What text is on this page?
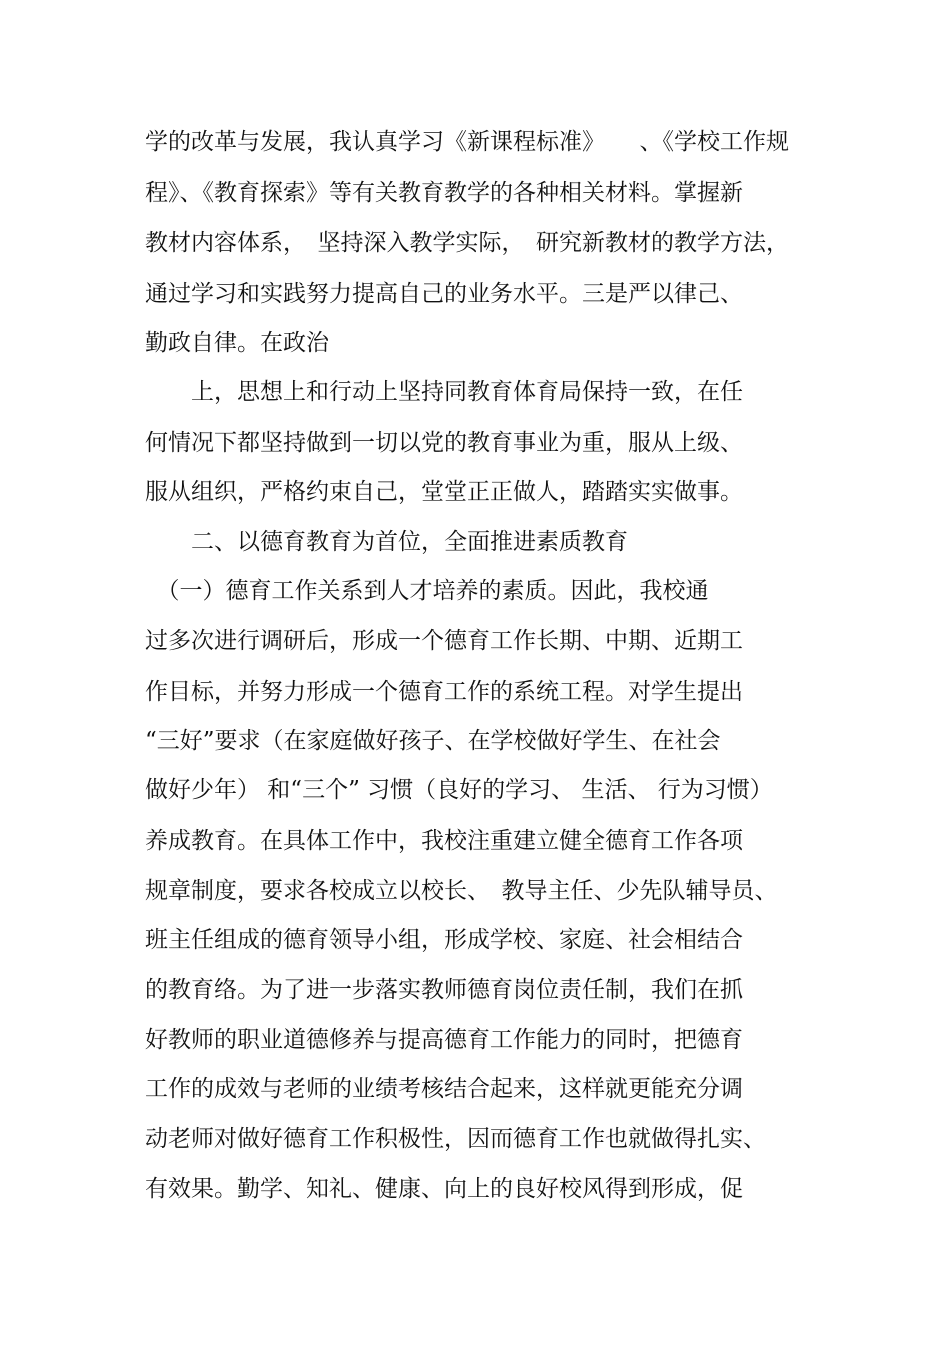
学的改革与发展，我认真学习《新课程标准》　　、《学校工作规
程》、《教育探索》等有关教育教学的各种相关材料。掌握新
教材内容体系，　坚持深入教学实际，　研究新教材的教学方法，
通过学习和实践努力提高自己的业务水平。三是严以律己、
勤政自律。在政治
　　上，思想上和行动上坚持同教育体育局保持一致，在任
何情况下都坚持做到一切以党的教育事业为重，服从上级、
服从组织，严格约束自己，堂堂正正做人，踏踏实实做事。
　　二、以德育教育为首位，全面推进素质教育
　（一）德育工作关系到人才培养的素质。因此，我校通
过多次进行调研后，形成一个德育工作长期、中期、近期工
作目标，并努力形成一个德育工作的系统工程。对学生提出
“三好”要求（在家庭做好孩子、在学校做好学生、在社会
做好少年） 和“三个” 习惯（良好的学习、 生活、 行为习惯）
养成教育。在具体工作中，我校注重建立健全德育工作各项
规章制度，要求各校成立以校长、　教导主任、少先队辅导员、
班主任组成的德育领导小组，形成学校、家庭、社会相结合
的教育络。为了进一步落实教师德育岗位责任制，我们在抓
好教师的职业道德修养与提高德育工作能力的同时，把德育
工作的成效与老师的业绩考核结合起来，这样就更能充分调
动老师对做好德育工作积极性，因而德育工作也就做得扎实、
有效果。勤学、知礼、健康、向上的良好校风得到形成，促
